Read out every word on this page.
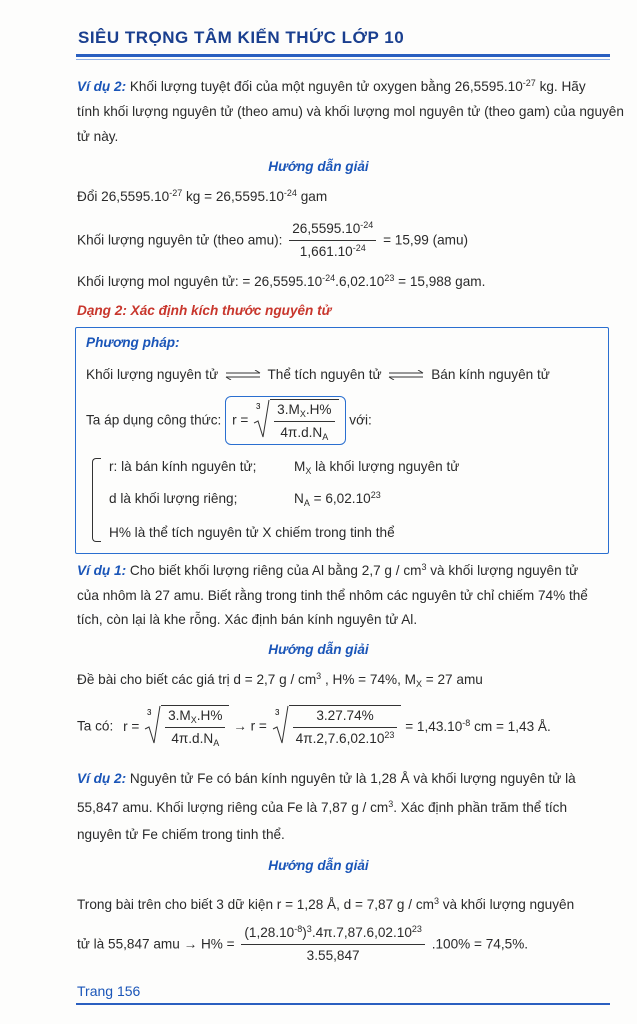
SIÊU TRỌNG TÂM KIẾN THỨC LỚP 10
Ví dụ 2: Khối lượng tuyệt đối của một nguyên tử oxygen bằng $26,5595.10^{-27}$ kg. Hãy
tính khối lượng nguyên tử (theo amu) và khối lượng mol nguyên tử (theo gam) của nguyên
tử này.
Hướng dẫn giải
Đổi $26,5595.10^{-27}$ kg = $26,5595.10^{-24}$ gam
Khối lượng nguyên tử (theo amu): $\frac{26,5595.10^{-24}}{1,661.10^{-24}} = 15,99$ (amu)
Khối lượng mol nguyên tử: = $26,5595.10^{-24}.6,02.10^{23} = 15,988$ gam.
Dạng 2: Xác định kích thước nguyên tử
Phương pháp:
Khối lượng nguyên tử ⇌ Thể tích nguyên tử ⇌ Bán kính nguyên tử
Ta áp dụng công thức: r =
$3 \frac{3.M_X.H\%}{4\pi.d.N_A}$ với:
r: là bán kính nguyên tử;	$M_X$ là khối lượng nguyên tử
d là khối lượng riêng;	$N_A = 6,02.10^{23}$
H% là thể tích nguyên tử X chiếm trong tinh thể
Ví dụ 1: Cho biết khối lượng riêng của Al bằng 2,7 g / $cm^3$ và khối lượng nguyên tử
của nhôm là 27 amu. Biết rằng trong tinh thể nhôm các nguyên tử chỉ chiếm 74% thể
tích, còn lại là khe rỗng. Xác định bán kính nguyên tử Al.
Hướng dẫn giải
Đề bài cho biết các giá trị d = 2,7 g / $cm^3$ , H% = 74%, $M_X = 27$ amu
Ta có: r =
$3 \frac{3.M_X.H\%}{4\pi.d.N_A} \to r$ =
$3 \frac{3.27.74\%}{4\pi.2,7.6,02.10^{23}} = 1,43.10^{-8}$ cm = 1,43 Å.
Ví dụ 2: Nguyên tử Fe có bán kính nguyên tử là 1,28 Å và khối lượng nguyên tử là
55,847 amu. Khối lượng riêng của Fe là 7,87 g / $cm^3$. Xác định phần trăm thể tích
nguyên tử Fe chiếm trong tinh thể.
Hướng dẫn giải
Trong bài trên cho biết 3 dữ kiện r = 1,28 Å, d = 7,87 g / $cm^3$ và khối lượng nguyên
tử là 55,847 amu → $H\% = \frac{(1,28.10^{-8})^3.4\pi.7,87.6,02.10^{23}}{3.55,847} .100\% = 74,5\%$.
Trang 156
